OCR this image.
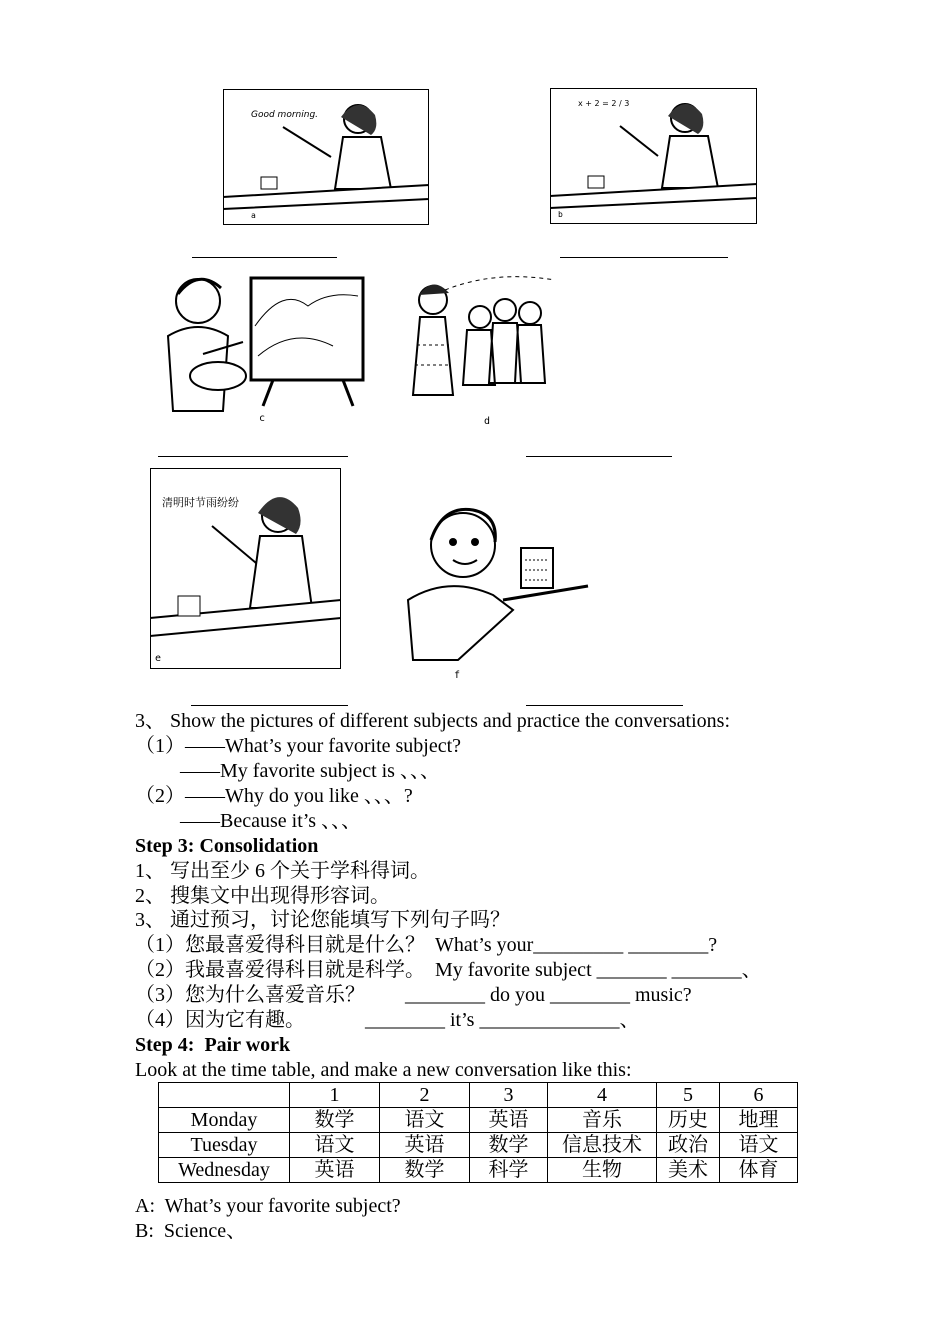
Good morning.
a
x + 2 = 2 / 3
b
c	d
清明时节雨纷纷
e
f
3、 Show the pictures of different subjects and practice the conversations:
（1）——What’s your favorite subject?
——My favorite subject is 、、、
（2）——Why do you like 、、、?
——Because it’s 、、、
Step 3: Consolidation
1、 写出至少 6 个关于学科得词。
2、 搜集文中出现得形容词。
3、 通过预习，讨论您能填写下列句子吗？
（1）您最喜爱得科目就是什么？  What’s your_________ ________?
（2）我最喜爱得科目就是科学。  My favorite subject _______ _______、
（3）您为什么喜爱音乐？        ________ do you ________ music?
（4）因为它有趣。            ________ it’s ______________、
Step 4:  Pair work
Look at the time table, and make a new conversation like this:
	1	2	3	4	5	6
Monday	数学	语文	英语	音乐	历史	地理
Tuesday	语文	英语	数学	信息技术	政治	语文
Wednesday	英语	数学	科学	生物	美术	体育
A:  What’s your favorite subject?
B:  Science、
